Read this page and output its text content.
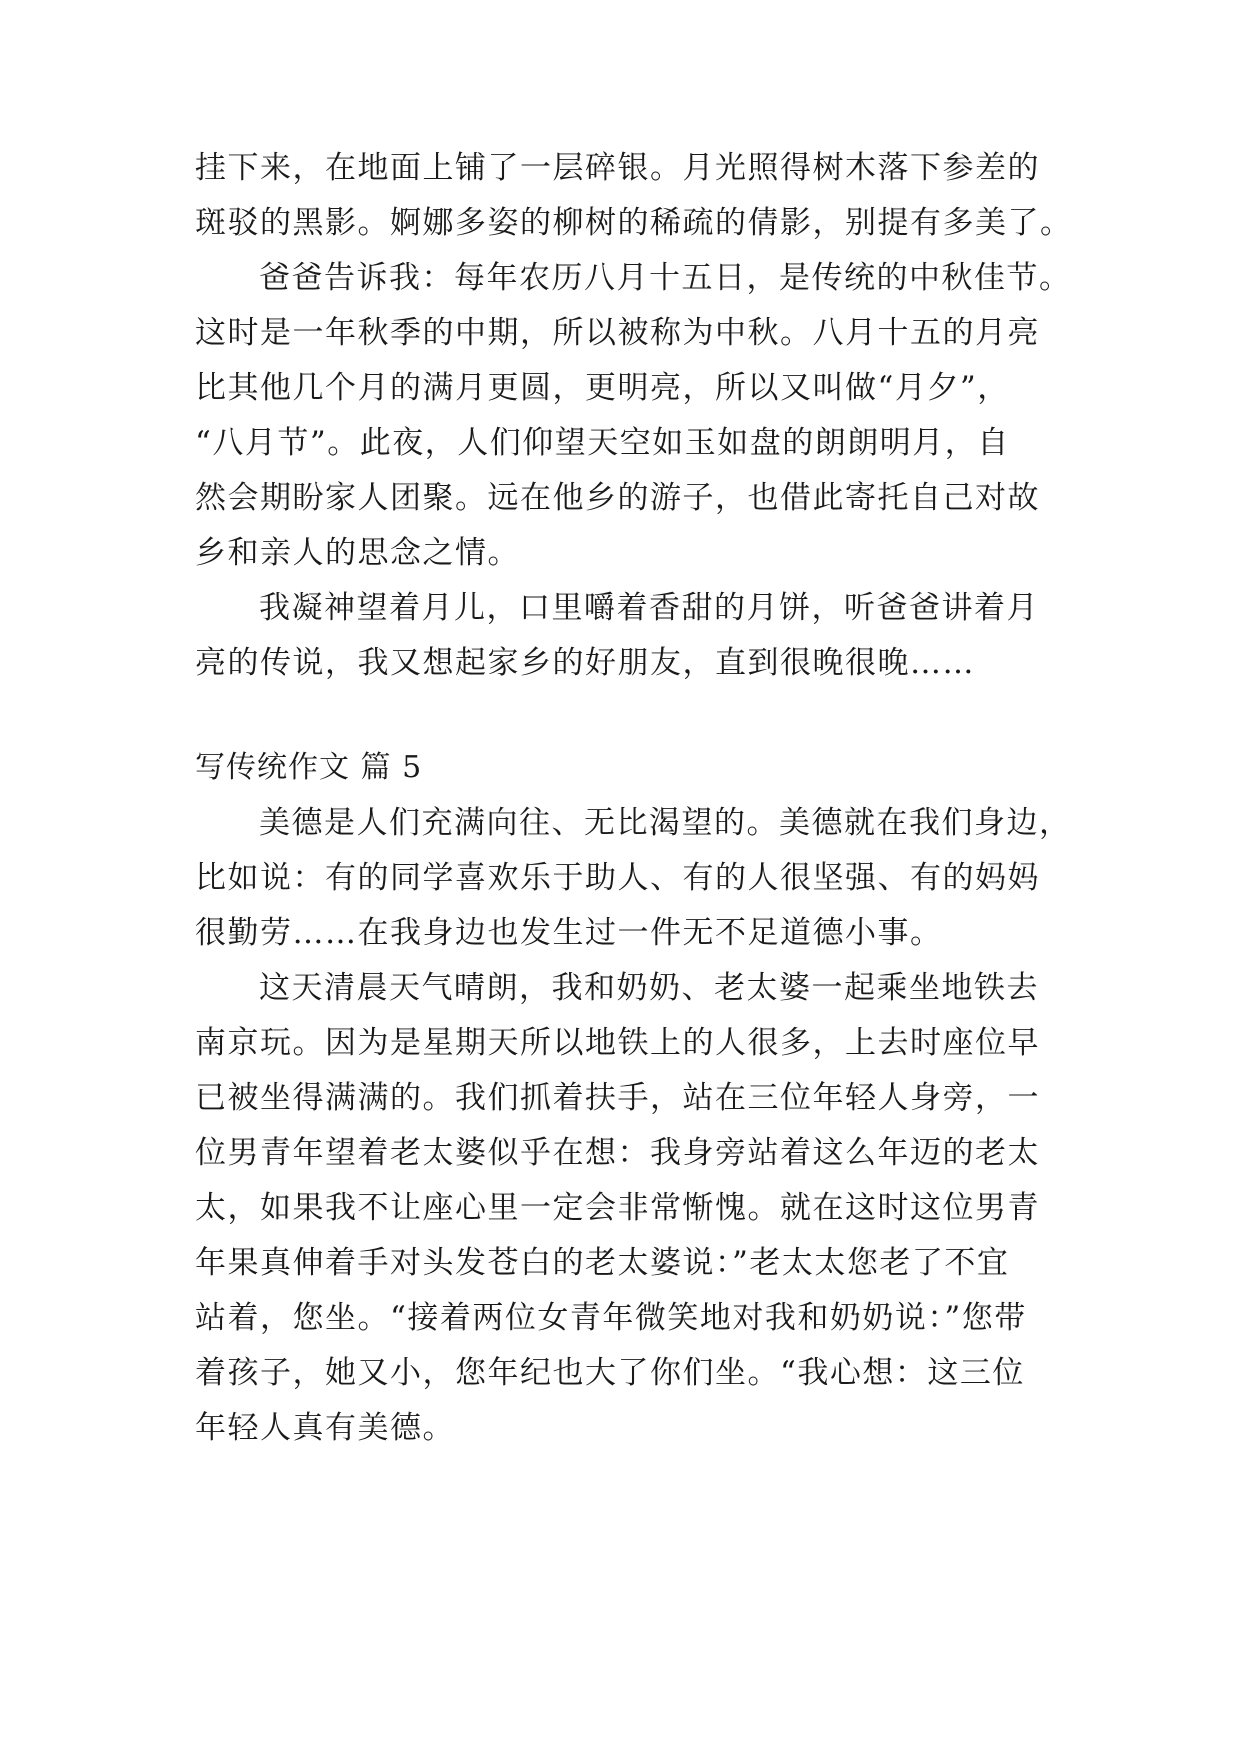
挂下来，在地面上铺了一层碎银。月光照得树木落下参差的
斑驳的黑影。婀娜多姿的柳树的稀疏的倩影，别提有多美了。
爸爸告诉我：每年农历八月十五日，是传统的中秋佳节。
这时是一年秋季的中期，所以被称为中秋。八月十五的月亮
比其他几个月的满月更圆，更明亮，所以又叫做“月夕”，
“八月节”。此夜，人们仰望天空如玉如盘的朗朗明月，自
然会期盼家人团聚。远在他乡的游子，也借此寄托自己对故
乡和亲人的思念之情。
我凝神望着月儿，口里嚼着香甜的月饼，听爸爸讲着月
亮的传说，我又想起家乡的好朋友，直到很晚很晚……
写传统作文 篇 5
美德是人们充满向往、无比渴望的。美德就在我们身边，
比如说：有的同学喜欢乐于助人、有的人很坚强、有的妈妈
很勤劳……在我身边也发生过一件无不足道德小事。
这天清晨天气晴朗，我和奶奶、老太婆一起乘坐地铁去
南京玩。因为是星期天所以地铁上的人很多，上去时座位早
已被坐得满满的。我们抓着扶手，站在三位年轻人身旁，一
位男青年望着老太婆似乎在想：我身旁站着这么年迈的老太
太，如果我不让座心里一定会非常惭愧。就在这时这位男青
年果真伸着手对头发苍白的老太婆说：”老太太您老了不宜
站着，您坐。“接着两位女青年微笑地对我和奶奶说：”您带
着孩子，她又小，您年纪也大了你们坐。“我心想：这三位
年轻人真有美德。
